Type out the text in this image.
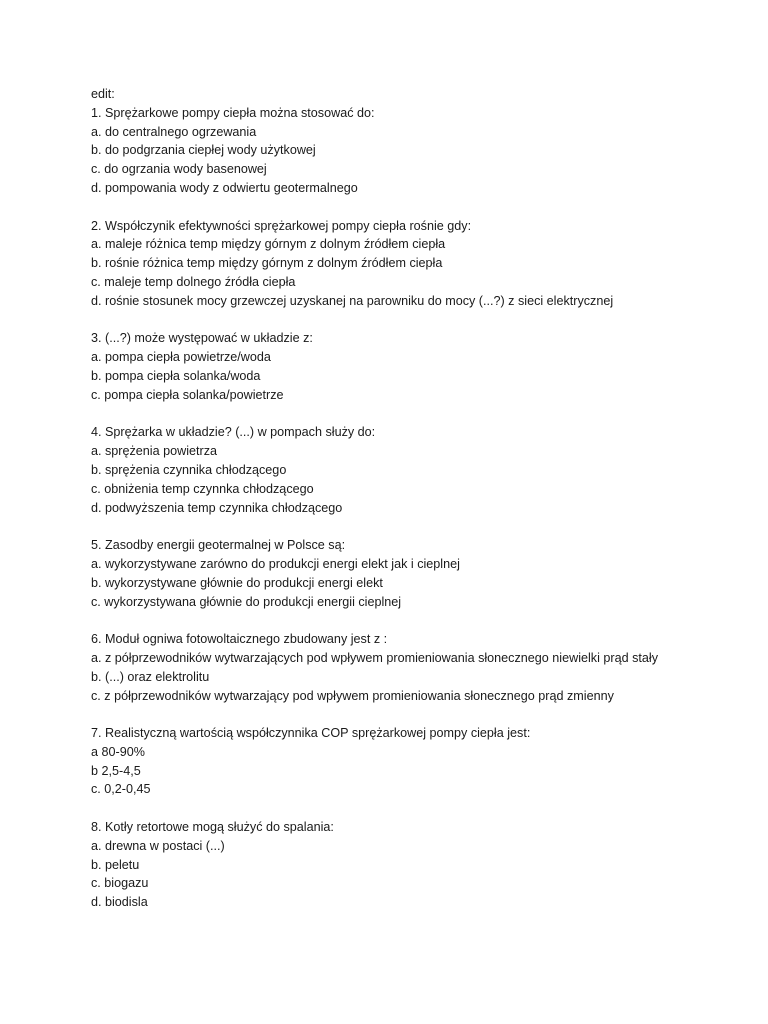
edit:

1. Sprężarkowe pompy ciepła można stosować do:

a. do centralnego ogrzewania

b. do podgrzania ciepłej wody użytkowej

c. do ogrzania wody basenowej

d. pompowania wody z odwiertu geotermalnego

2. Współczynik efektywności sprężarkowej pompy ciepła rośnie gdy:

a. maleje różnica temp między górnym z dolnym źródłem ciepła

b. rośnie różnica temp między górnym z dolnym źródłem ciepła

c. maleje temp dolnego źródła ciepła

d. rośnie stosunek mocy grzewczej uzyskanej na parowniku do mocy (...?) z sieci elektrycznej

3. (...?) może występować w układzie z:

a. pompa ciepła powietrze/woda

b. pompa ciepła solanka/woda

c. pompa ciepła solanka/powietrze

4. Sprężarka w układzie? (...) w pompach służy do:

a. sprężenia powietrza

b. sprężenia czynnika chłodzącego

c. obniżenia temp czynnka chłodzącego

d. podwyższenia temp czynnika chłodzącego

5. Zasodby energii geotermalnej w Polsce są:

a. wykorzystywane zarówno do produkcji energi elekt jak i cieplnej

b. wykorzystywane głównie do produkcji energi elekt

c. wykorzystywana głównie do produkcji energii cieplnej

6. Moduł ogniwa fotowoltaicznego zbudowany jest z :

a. z półprzewodników wytwarzających pod wpływem promieniowania słonecznego niewielki prąd stały

b. (...) oraz elektrolitu

c. z półprzewodników wytwarzający pod wpływem promieniowania słonecznego prąd zmienny

7. Realistyczną wartością współczynnika COP sprężarkowej pompy ciepła jest:

a 80-90%

b 2,5-4,5

c. 0,2-0,45

8. Kotły retortowe mogą służyć do spalania:

a. drewna w postaci (...)

b. peletu

c. biogazu

d. biodisla
